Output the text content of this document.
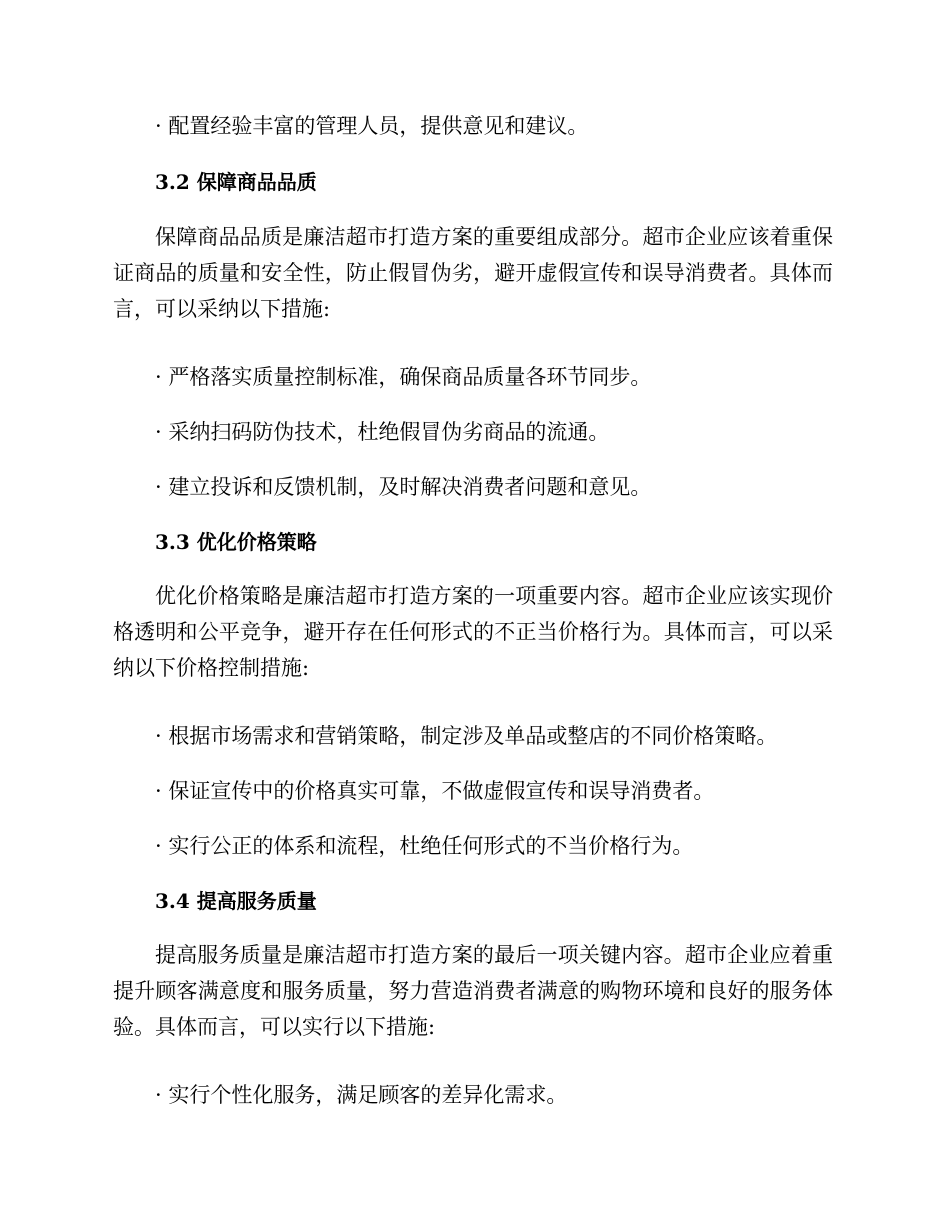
· 配置经验丰富的管理人员，提供意见和建议。

3.2 保障商品品质

保障商品品质是廉洁超市打造方案的重要组成部分。超市企业应该着重保证商品的质量和安全性，防止假冒伪劣，避开虚假宣传和误导消费者。具体而言，可以采纳以下措施:

· 严格落实质量控制标准，确保商品质量各环节同步。

· 采纳扫码防伪技术，杜绝假冒伪劣商品的流通。

· 建立投诉和反馈机制，及时解决消费者问题和意见。

3.3 优化价格策略

优化价格策略是廉洁超市打造方案的一项重要内容。超市企业应该实现价格透明和公平竞争，避开存在任何形式的不正当价格行为。具体而言，可以采纳以下价格控制措施:

· 根据市场需求和营销策略，制定涉及单品或整店的不同价格策略。

· 保证宣传中的价格真实可靠，不做虚假宣传和误导消费者。

· 实行公正的体系和流程，杜绝任何形式的不当价格行为。

3.4 提高服务质量

提高服务质量是廉洁超市打造方案的最后一项关键内容。超市企业应着重提升顾客满意度和服务质量，努力营造消费者满意的购物环境和良好的服务体验。具体而言，可以实行以下措施:

· 实行个性化服务，满足顾客的差异化需求。
